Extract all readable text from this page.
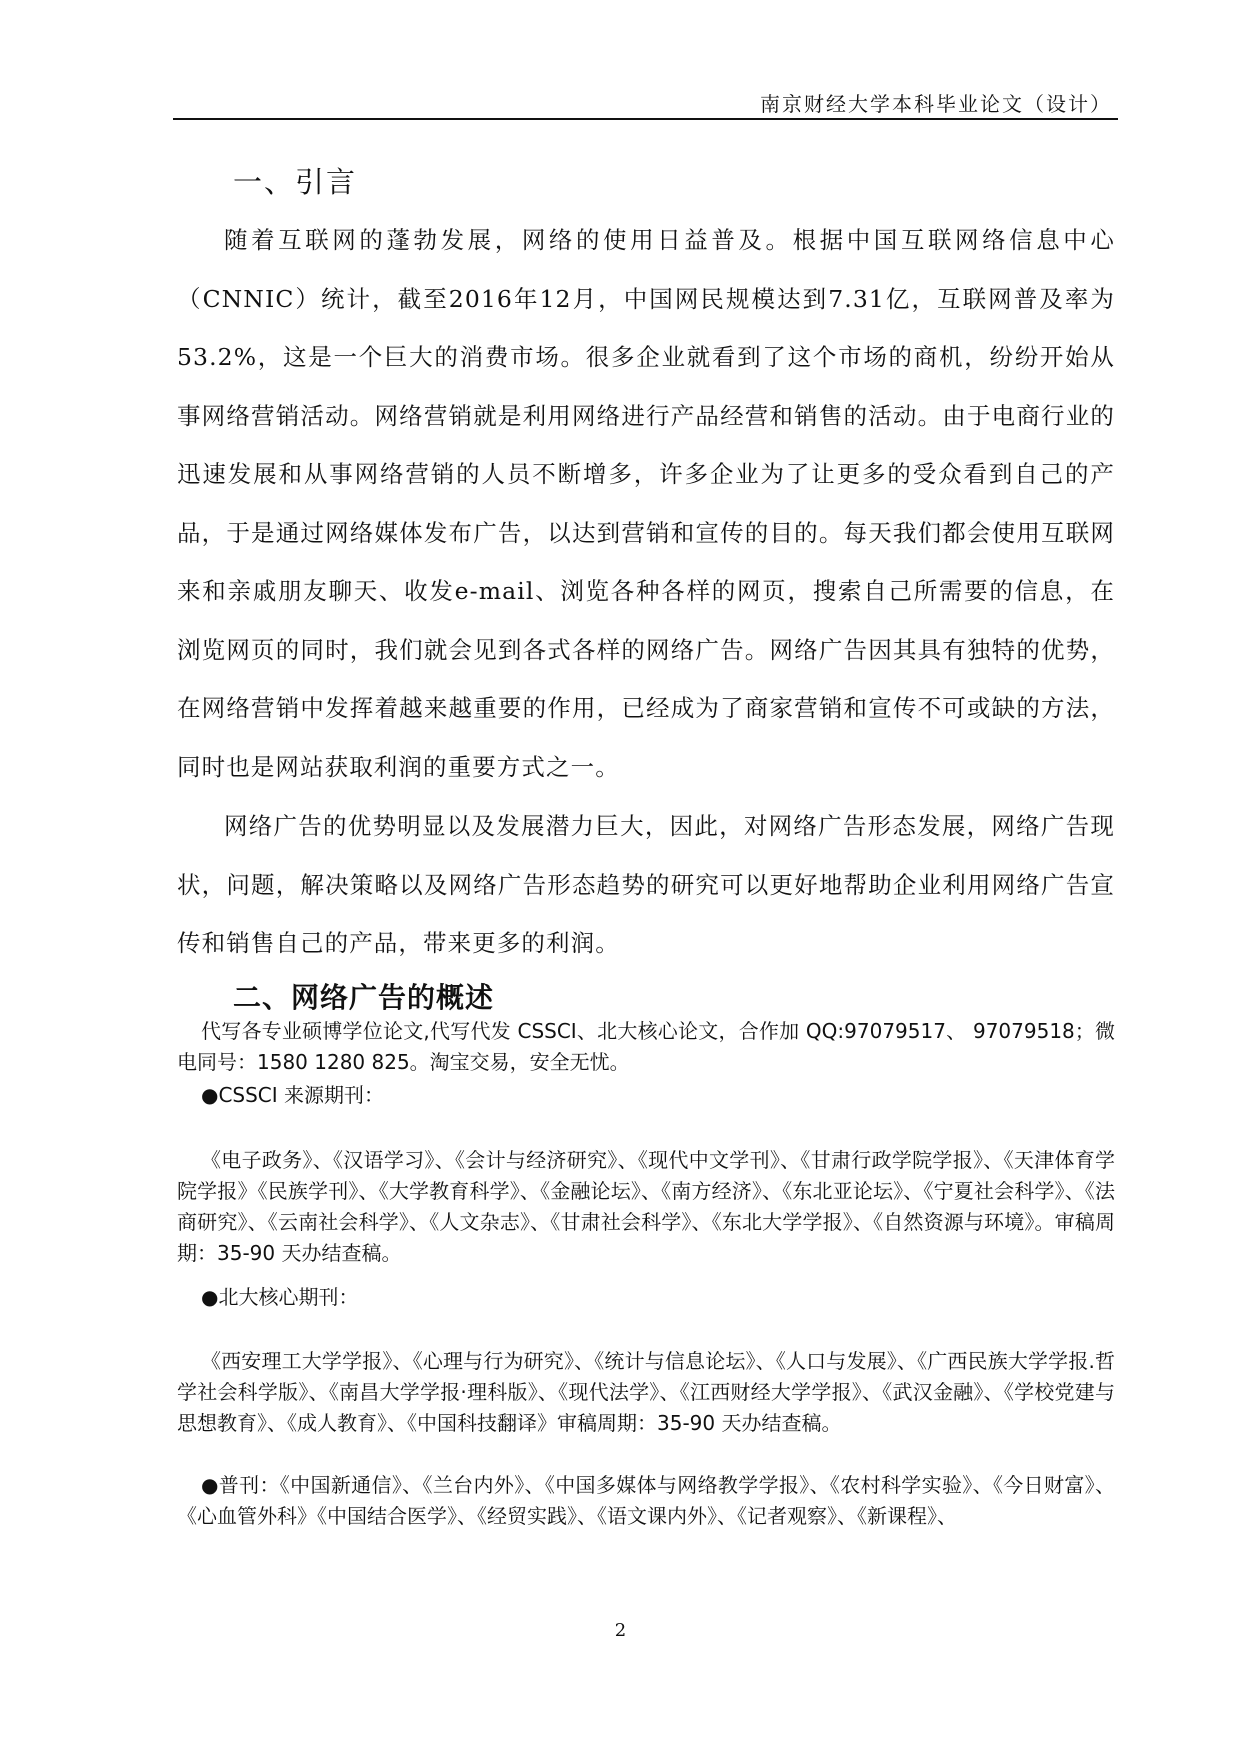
南京财经大学本科毕业论文（设计）
一、引言

随着互联网的蓬勃发展，网络的使用日益普及。根据中国互联网络信息中心（CNNIC）统计，截至2016年12月，中国网民规模达到7.31亿，互联网普及率为53.2%，这是一个巨大的消费市场。很多企业就看到了这个市场的商机，纷纷开始从事网络营销活动。网络营销就是利用网络进行产品经营和销售的活动。由于电商行业的迅速发展和从事网络营销的人员不断增多，许多企业为了让更多的受众看到自己的产品，于是通过网络媒体发布广告，以达到营销和宣传的目的。每天我们都会使用互联网来和亲戚朋友聊天、收发e-mail、浏览各种各样的网页，搜索自己所需要的信息，在浏览网页的同时，我们就会见到各式各样的网络广告。网络广告因其具有独特的优势，在网络营销中发挥着越来越重要的作用，已经成为了商家营销和宣传不可或缺的方法，同时也是网站获取利润的重要方式之一。

网络广告的优势明显以及发展潜力巨大，因此，对网络广告形态发展，网络广告现状，问题，解决策略以及网络广告形态趋势的研究可以更好地帮助企业利用网络广告宣传和销售自己的产品，带来更多的利润。

二、网络广告的概述

代写各专业硕博学位论文,代写代发 CSSCI、北大核心论文，合作加 QQ:97079517、 97079518；微电同号：1580 1280 825。淘宝交易，安全无忧。

●CSSCI 来源期刊：

《电子政务》、《汉语学习》、《会计与经济研究》、《现代中文学刊》、《甘肃行政学院学报》、《天津体育学院学报》《民族学刊》、《大学教育科学》、《金融论坛》、《南方经济》、《东北亚论坛》、《宁夏社会科学》、《法商研究》、《云南社会科学》、《人文杂志》、《甘肃社会科学》、《东北大学学报》、《自然资源与环境》。审稿周期：35-90 天办结查稿。

●北大核心期刊：

《西安理工大学学报》、《心理与行为研究》、《统计与信息论坛》、《人口与发展》、《广西民族大学学报.哲学社会科学版》、《南昌大学学报·理科版》、《现代法学》、《江西财经大学学报》、《武汉金融》、《学校党建与思想教育》、《成人教育》、《中国科技翻译》审稿周期：35-90 天办结查稿。

●普刊：《中国新通信》、《兰台内外》、《中国多媒体与网络教学学报》、《农村科学实验》、《今日财富》、《心血管外科》《中国结合医学》、《经贸实践》、《语文课内外》、《记者观察》、《新课程》、

2
